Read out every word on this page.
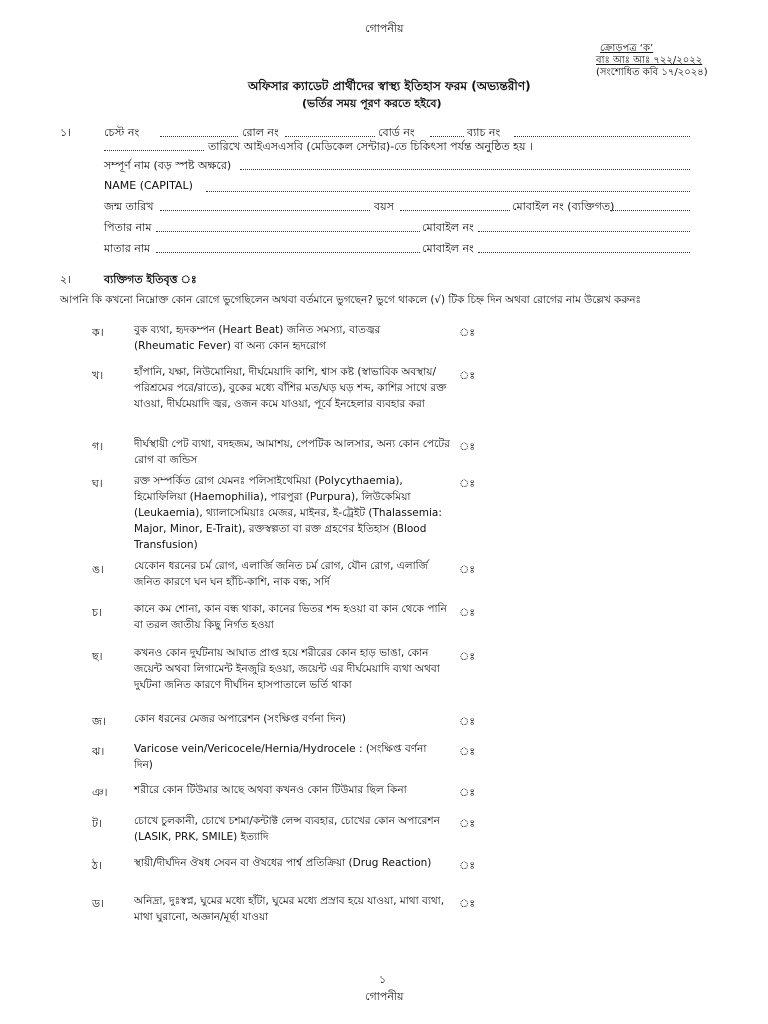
গোপনীয়
ক্রোড়পত্র ‘ক’
বাঃ আঃ আঃ ৭২২/২০২২
(সংশোধিত কবি ১৭/২০২৪)
অফিসার ক্যাডেট প্রার্থীদের স্বাস্থ্য ইতিহাস ফরম (অভ্যন্তরীণ)
(ভর্তির সময় পূরণ করতে হইবে)
১।	চেস্ট নং	রোল নং	বোর্ড নং	ব্যাচ নং
তারিখে আইএসএসবি (মেডিকেল সেন্টার)-তে চিকিৎসা পর্যন্ত অনুষ্ঠিত হয় ।
সম্পূর্ণ নাম (বড় স্পষ্ট অক্ষরে)
NAME (CAPITAL)
জন্ম তারিখ	বয়স	মোবাইল নং (ব্যক্তিগত)
পিতার নাম	মোবাইল নং
মাতার নাম	মোবাইল নং
২।	ব্যক্তিগত ইতিবৃত্ত ঃ
আপনি কি কখনো নিম্নোক্ত কোন রোগে ভুগেছিলেন অথবা বর্তমানে ভুগছেন? ভুগে থাকলে (√) টিক চিহ্ন দিন অথবা রোগের নাম উল্লেখ করুনঃ
ক।	বুক ব্যথা, হৃদকম্পন (Heart Beat) জনিত সমস্যা, বাতজ্বর (Rheumatic Fever) বা অন্য কোন হৃদরোগ
ঃ
খ।	হাঁপানি, যক্ষা, নিউমোনিয়া, দীর্ঘমেয়াদি কাশি, শ্বাস কষ্ট (স্বাভাবিক অবস্থায়/পরিশ্রমের পরে/রাতে), বুকের মধ্যে বাঁশির মত/ঘড় ঘড় শব্দ, কাশির সাথে রক্ত যাওয়া, দীর্ঘমেয়াদি জ্বর, ওজন কমে যাওয়া, পূর্বে ইনহেলার ব্যবহার করা
ঃ
গ।	দীর্ঘস্থায়ী পেট ব্যথা, বদহজম, আমাশয়, পেপটিক আলসার, অন্য কোন পেটের রোগ বা জন্ডিস
ঃ
ঘ।	রক্ত সম্পর্কিত রোগ যেমনঃ পলিসাইথেমিয়া (Polycythaemia), হিমোফিলিয়া (Haemophilia), পারপুরা (Purpura), লিউকেমিয়া (Leukaemia), থ্যালাসেমিয়াঃ মেজর, মাইনর, ই-ট্রেইট (Thalassemia: Major, Minor, E-Trait), রক্তস্বল্পতা বা রক্ত গ্রহণের ইতিহাস (Blood Transfusion)
ঃ
ঙ।	যেকোন ধরনের চর্ম রোগ, এলার্জি জনিত চর্ম রোগ, যৌন রোগ, এলার্জি জনিত কারণে ঘন ঘন হাঁচি-কাশি, নাক বন্ধ, সর্দি
ঃ
চ।	কানে কম শোনা, কান বন্ধ থাকা, কানের ভিতর শব্দ হওয়া বা কান থেকে পানি বা তরল জাতীয় কিছু নির্গত হওয়া
ঃ
ছ।	কখনও কোন দুর্ঘটনায় আঘাত প্রাপ্ত হয়ে শরীরের কোন হাড় ভাঙা, কোন জয়েন্ট অথবা লিগামেন্ট ইনজুরি হওয়া, জয়েন্ট এর দীর্ঘমেয়াদি ব্যথা অথবা দুর্ঘটনা জনিত কারণে দীর্ঘদিন হাসপাতালে ভর্তি থাকা
ঃ
জ।	কোন ধরনের মেজর অপারেশন (সংক্ষিপ্ত বর্ণনা দিন)	ঃ
ঝ।	Varicose vein/Vericocele/Hernia/Hydrocele : (সংক্ষিপ্ত বর্ণনা দিন)
ঃ
ঞ।	শরীরে কোন টিউমার আছে অথবা কখনও কোন টিউমার ছিল কিনা	ঃ
ট।	চোখে চুলকানী, চোখে চশমা/কন্টাক্ট লেন্স ব্যবহার, চোখের কোন অপারেশন (LASIK, PRK, SMILE) ইত্যাদি
ঃ
ঠ।	স্থায়ী/দীর্ঘদিন ঔষধ সেবন বা ঔষধের পার্শ্ব প্রতিক্রিয়া (Drug Reaction)	ঃ
ড।	অনিদ্রা, দুঃস্বপ্ন, ঘুমের মধ্যে হাঁটা, ঘুমের মধ্যে প্রস্রাব হয়ে যাওয়া, মাথা ব্যথা, মাথা ঘুরানো, অজ্ঞান/মূর্ছা যাওয়া
ঃ
১
গোপনীয়
